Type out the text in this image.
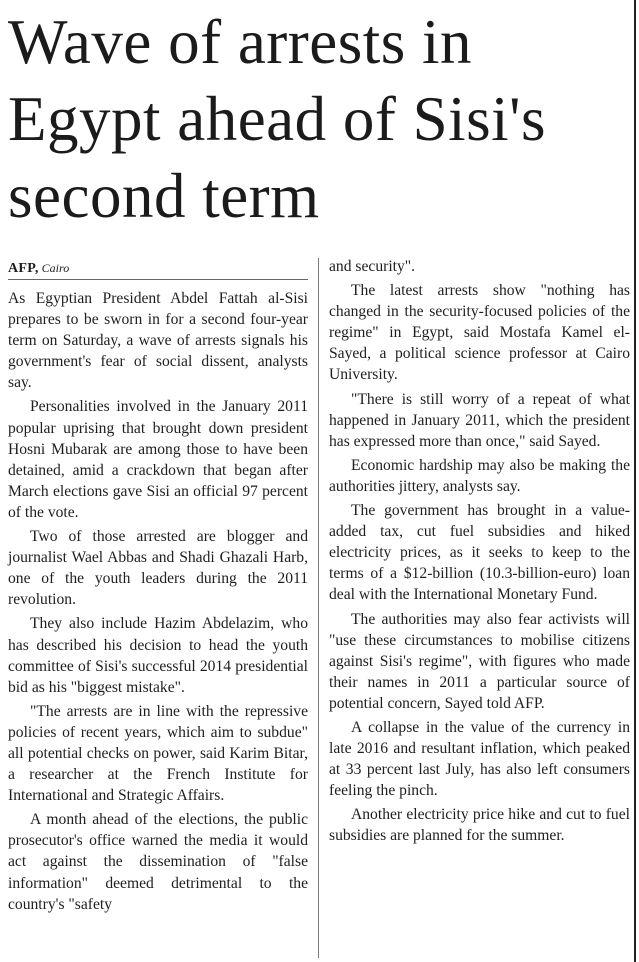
Wave of arrests in Egypt ahead of Sisi's second term
AFP, Cairo

As Egyptian President Abdel Fattah al-Sisi prepares to be sworn in for a second four-year term on Saturday, a wave of arrests signals his government's fear of social dissent, analysts say.

Personalities involved in the January 2011 popular uprising that brought down president Hosni Mubarak are among those to have been detained, amid a crackdown that began after March elections gave Sisi an official 97 percent of the vote.

Two of those arrested are blogger and journalist Wael Abbas and Shadi Ghazali Harb, one of the youth leaders during the 2011 revolution.

They also include Hazim Abdelazim, who has described his decision to head the youth committee of Sisi's successful 2014 presidential bid as his "biggest mistake".

"The arrests are in line with the repressive policies of recent years, which aim to subdue" all potential checks on power, said Karim Bitar, a researcher at the French Institute for International and Strategic Affairs.

A month ahead of the elections, the public prosecutor's office warned the media it would act against the dissemination of "false information" deemed detrimental to the country's "safety

and security".

The latest arrests show "nothing has changed in the security-focused policies of the regime" in Egypt, said Mostafa Kamel el-Sayed, a political science professor at Cairo University.

"There is still worry of a repeat of what happened in January 2011, which the president has expressed more than once," said Sayed.

Economic hardship may also be making the authorities jittery, analysts say.

The government has brought in a value-added tax, cut fuel subsidies and hiked electricity prices, as it seeks to keep to the terms of a $12-billion (10.3-billion-euro) loan deal with the International Monetary Fund.

The authorities may also fear activists will "use these circumstances to mobilise citizens against Sisi's regime", with figures who made their names in 2011 a particular source of potential concern, Sayed told AFP.

A collapse in the value of the currency in late 2016 and resultant inflation, which peaked at 33 percent last July, has also left consumers feeling the pinch.

Another electricity price hike and cut to fuel subsidies are planned for the summer.
